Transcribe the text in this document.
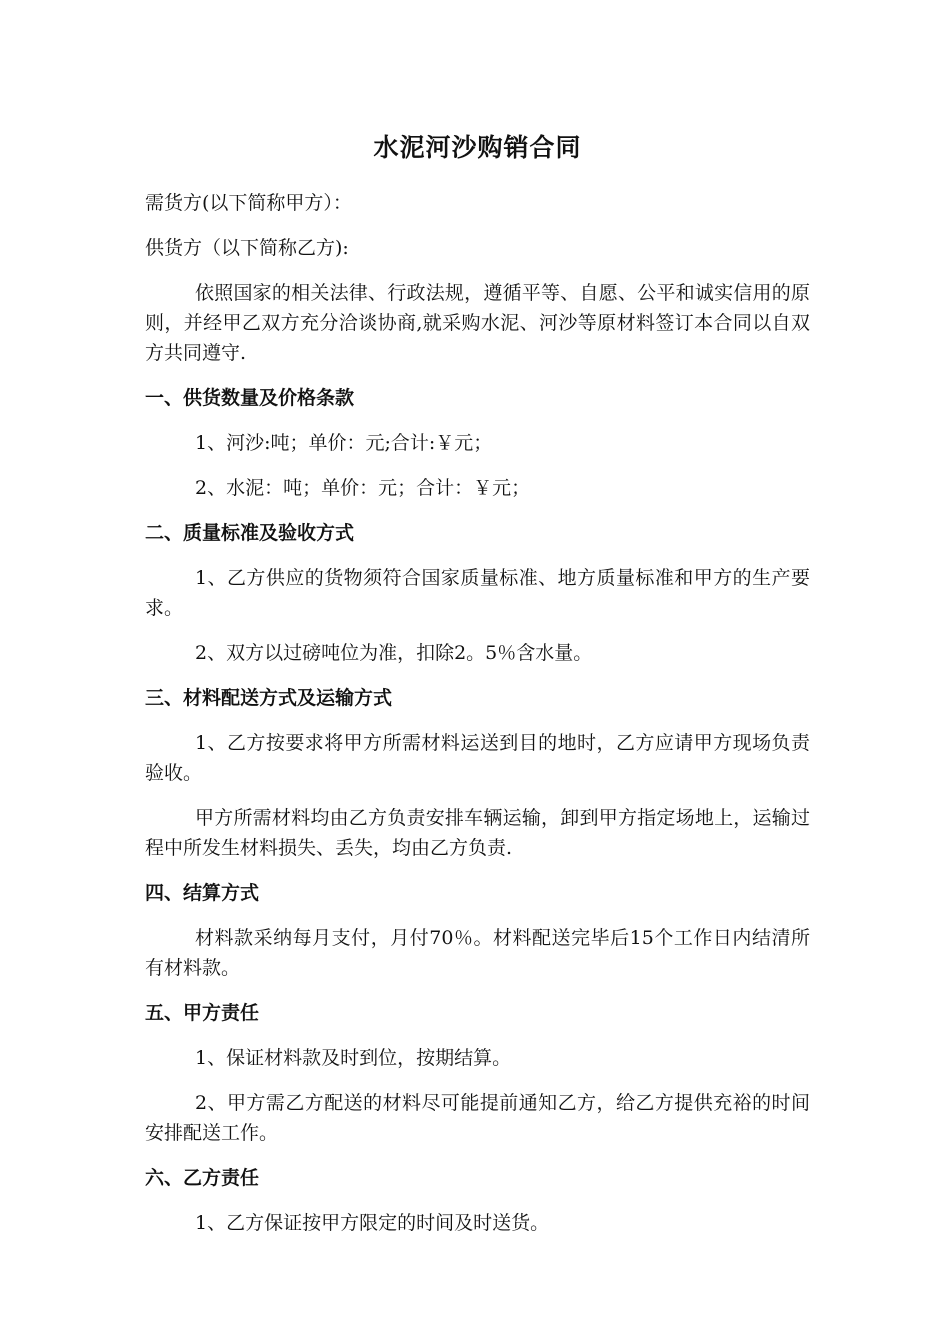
水泥河沙购销合同
需货方(以下简称甲方）：
供货方（以下简称乙方):
依照国家的相关法律、行政法规，遵循平等、自愿、公平和诚实信用的原则，并经甲乙双方充分洽谈协商,就采购水泥、河沙等原材料签订本合同以自双方共同遵守.
一、供货数量及价格条款
1、河沙:吨；单价：元;合计:￥元；
2、水泥：吨；单价：元；合计：￥元；
二、质量标准及验收方式
1、乙方供应的货物须符合国家质量标准、地方质量标准和甲方的生产要求。
2、双方以过磅吨位为准，扣除2。5％含水量。
三、材料配送方式及运输方式
1、乙方按要求将甲方所需材料运送到目的地时，乙方应请甲方现场负责验收。
甲方所需材料均由乙方负责安排车辆运输，卸到甲方指定场地上，运输过程中所发生材料损失、丢失，均由乙方负责.
四、结算方式
材料款采纳每月支付，月付70％。材料配送完毕后15个工作日内结清所有材料款。
五、甲方责任
1、保证材料款及时到位，按期结算。
2、甲方需乙方配送的材料尽可能提前通知乙方，给乙方提供充裕的时间安排配送工作。
六、乙方责任
1、乙方保证按甲方限定的时间及时送货。
